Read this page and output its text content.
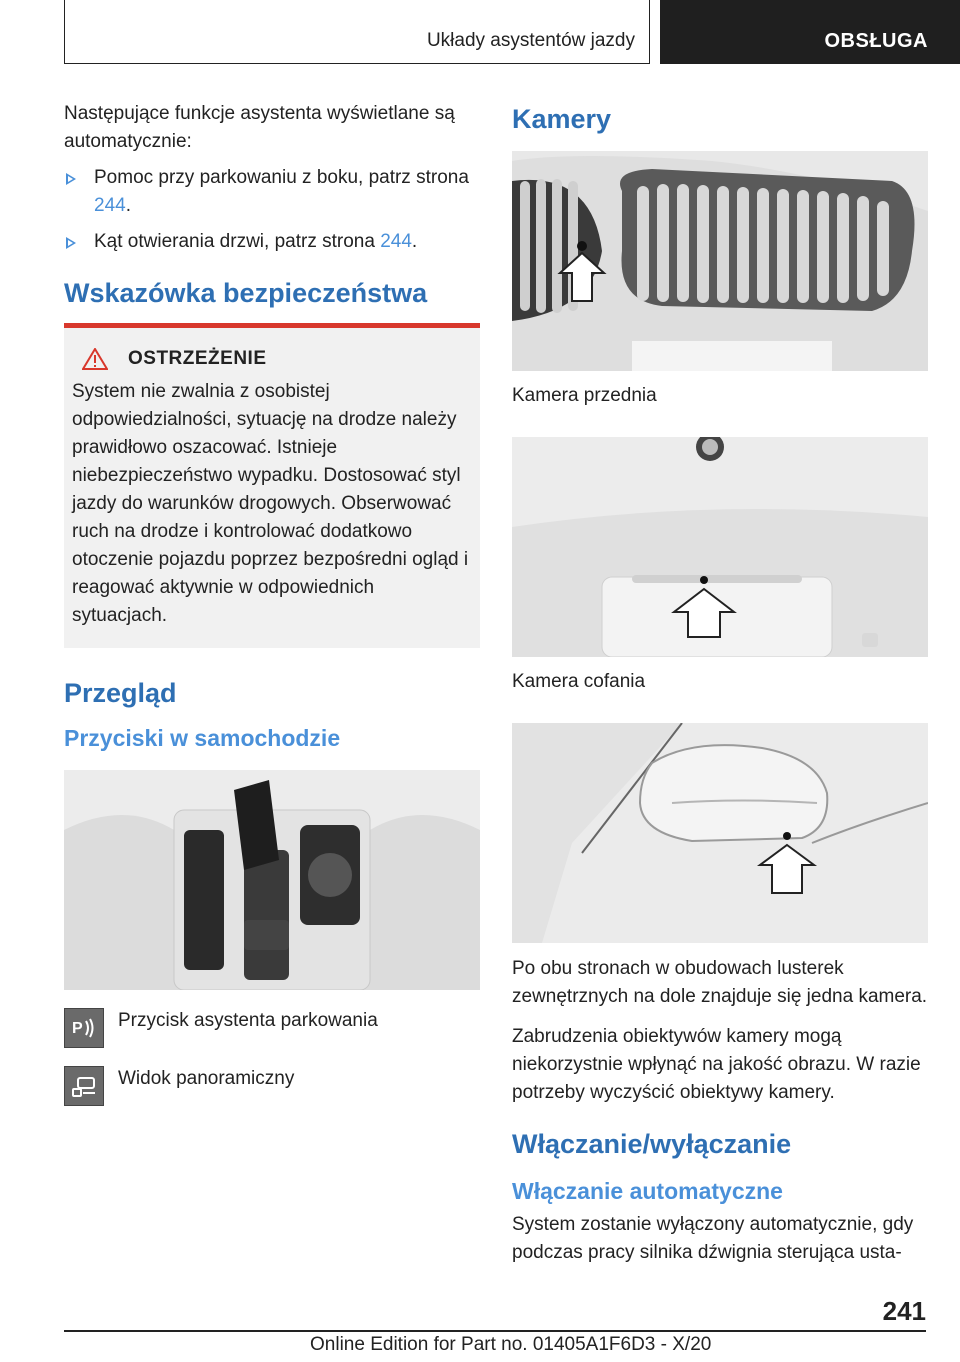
Układy asystentów jazdy	OBSŁUGA

Następujące funkcje asystenta wyświetlane są automatycznie:

Pomoc przy parkowaniu z boku, patrz strona 244.
Kąt otwierania drzwi, patrz strona 244.
Wskazówka bezpieczeństwa
OSTRZEŻENIE
System nie zwalnia z osobistej odpowiedzialności, sytuację na drodze należy prawidłowo oszacować. Istnieje niebezpieczeństwo wypadku. Dostosować styl jazdy do warunków drogowych. Obserwować ruch na drodze i kontrolować dodatkowo otoczenie pojazdu poprzez bezpośredni ogląd i reagować aktywnie w odpowiednich sytuacjach.
Przegląd
Przyciski w samochodzie
P Przycisk asystenta parkowania
Widok panoramiczny
Kamery
Kamera przednia
Kamera cofania

Po obu stronach w obudowach lusterek zewnętrznych na dole znajduje się jedna kamera.

Zabrudzenia obiektywów kamery mogą niekorzystnie wpłynąć na jakość obrazu. W razie potrzeby wyczyścić obiektywy kamery.

Włączanie/wyłączanie
Włączanie automatyczne

System zostanie wyłączony automatycznie, gdy podczas pracy silnika dźwignia sterująca usta-

241
Online Edition for Part no. 01405A1F6D3 - X/20
